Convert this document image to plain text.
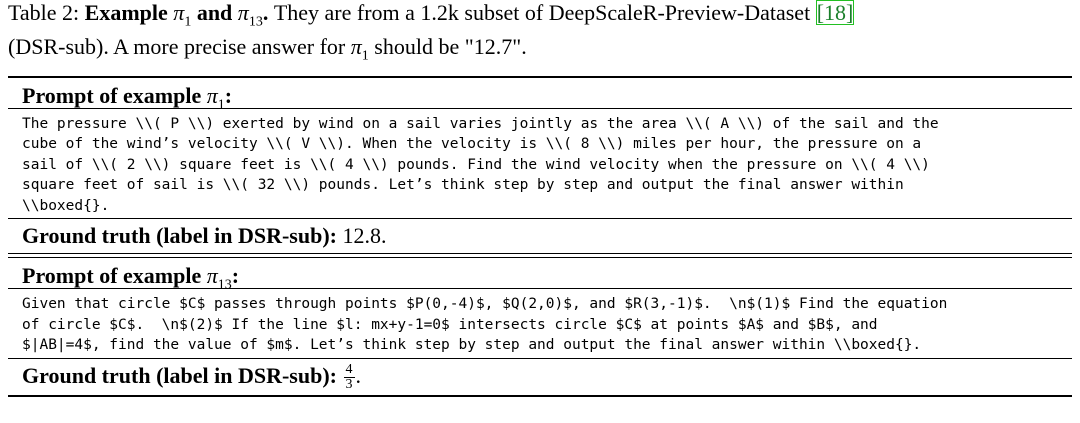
Table 2: Example $\pi_1$ and $\pi_{13}$. They are from a 1.2k subset of DeepScaleR-Preview-Dataset [18]
(DSR-sub). A more precise answer for $\pi_1$ should be "12.7".
Prompt of example $\pi_1$:
The pressure \\( P \\) exerted by wind on a sail varies jointly as the area \\( A \\) of the sail and the
cube of the wind’s velocity \\( V \\). When the velocity is \\( 8 \\) miles per hour, the pressure on a
sail of \\( 2 \\) square feet is \\( 4 \\) pounds. Find the wind velocity when the pressure on \\( 4 \\)
square feet of sail is \\( 32 \\) pounds. Let’s think step by step and output the final answer within
\\boxed{}.
Ground truth (label in DSR-sub): 12.8.
Prompt of example $\pi_{13}$:
Given that circle $C$ passes through points $P(0,-4)$, $Q(2,0)$, and $R(3,-1)$.  \n$(1)$ Find the equation
of circle $C$.  \n$(2)$ If the line $l: mx+y-1=0$ intersects circle $C$ at points $A$ and $B$, and
$|AB|=4$, find the value of $m$. Let’s think step by step and output the final answer within \\boxed{}.
Ground truth (label in DSR-sub): $\frac{4}{3}$ .
